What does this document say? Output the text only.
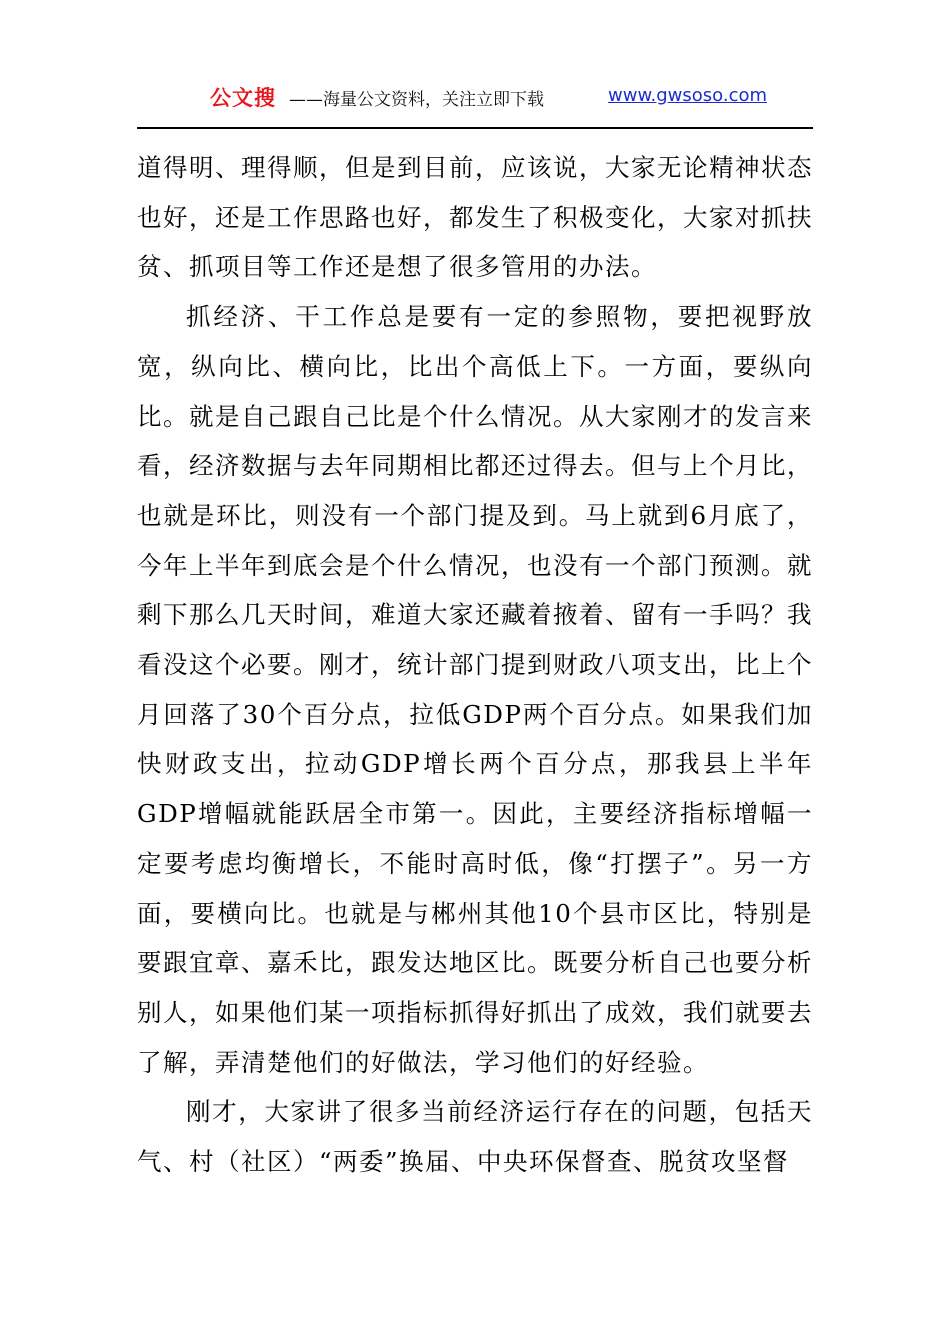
公文搜 ——海量公文资料，关注立即下载	www.gwsoso.com

道得明、理得顺，但是到目前，应该说，大家无论精神状态也好，还是工作思路也好，都发生了积极变化，大家对抓扶贫、抓项目等工作还是想了很多管用的办法。

抓经济、干工作总是要有一定的参照物，要把视野放宽，纵向比、横向比，比出个高低上下。一方面，要纵向比。就是自己跟自己比是个什么情况。从大家刚才的发言来看，经济数据与去年同期相比都还过得去。但与上个月比，也就是环比，则没有一个部门提及到。马上就到6月底了，今年上半年到底会是个什么情况，也没有一个部门预测。就剩下那么几天时间，难道大家还藏着掖着、留有一手吗？我看没这个必要。刚才，统计部门提到财政八项支出，比上个月回落了30个百分点，拉低GDP两个百分点。如果我们加快财政支出，拉动GDP增长两个百分点，那我县上半年GDP增幅就能跃居全市第一。因此，主要经济指标增幅一定要考虑均衡增长，不能时高时低，像“打摆子”。另一方面，要横向比。也就是与郴州其他10个县市区比，特别是要跟宜章、嘉禾比，跟发达地区比。既要分析自己也要分析别人，如果他们某一项指标抓得好抓出了成效，我们就要去了解，弄清楚他们的好做法，学习他们的好经验。

刚才，大家讲了很多当前经济运行存在的问题，包括天气、村（社区）“两委”换届、中央环保督查、脱贫攻坚督
